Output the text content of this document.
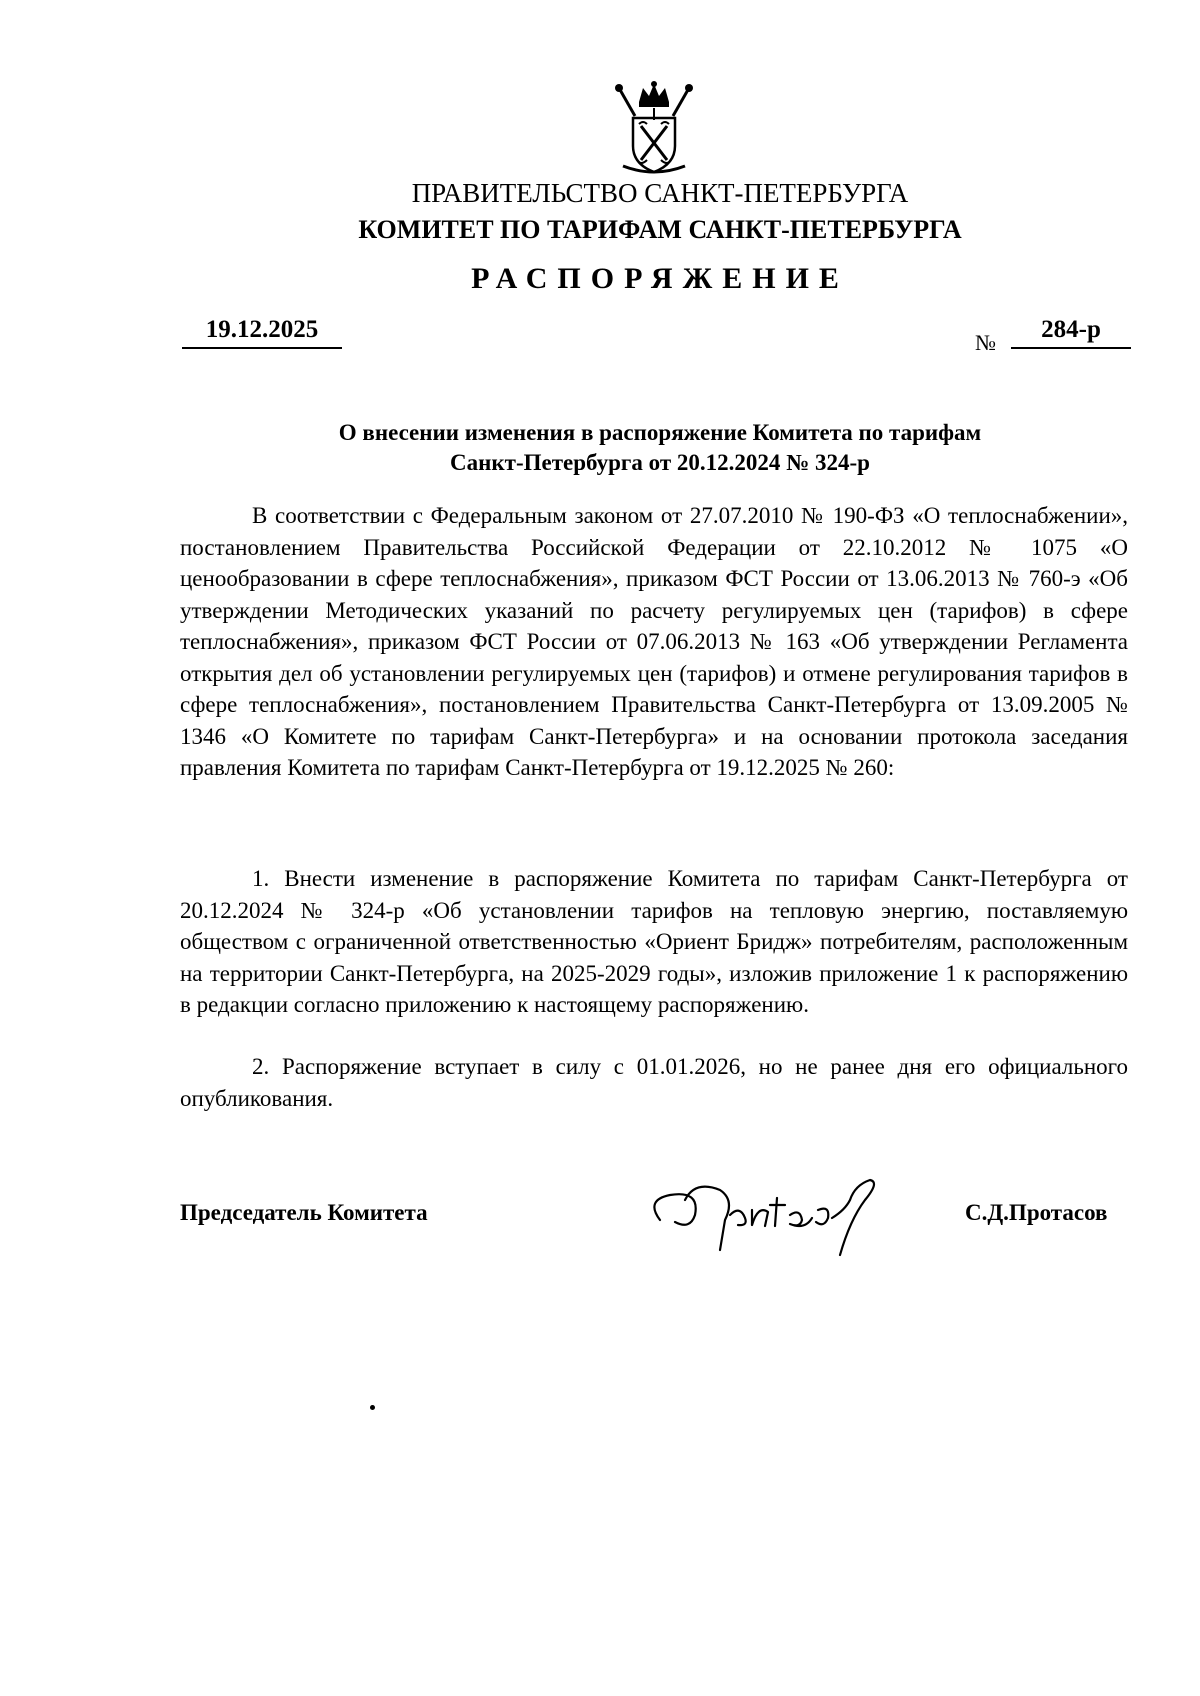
ПРАВИТЕЛЬСТВО САНКТ-ПЕТЕРБУРГА
КОМИТЕТ ПО ТАРИФАМ САНКТ-ПЕТЕРБУРГА
РАСПОРЯЖЕНИЕ
19.12.2025	№	284-р
О внесении изменения в распоряжение Комитета по тарифам
Санкт-Петербурга от 20.12.2024 № 324-р
В соответствии с Федеральным законом от 27.07.2010 № 190-ФЗ «О теплоснабжении», постановлением Правительства Российской Федерации от 22.10.2012 № 1075 «О ценообразовании в сфере теплоснабжения», приказом ФСТ России от 13.06.2013 № 760-э «Об утверждении Методических указаний по расчету регулируемых цен (тарифов) в сфере теплоснабжения», приказом ФСТ России от 07.06.2013 № 163 «Об утверждении Регламента открытия дел об установлении регулируемых цен (тарифов) и отмене регулирования тарифов в сфере теплоснабжения», постановлением Правительства Санкт-Петербурга от 13.09.2005 № 1346 «О Комитете по тарифам Санкт-Петербурга» и на основании протокола заседания правления Комитета по тарифам Санкт-Петербурга от 19.12.2025 № 260:
1. Внести изменение в распоряжение Комитета по тарифам Санкт-Петербурга от 20.12.2024 № 324-р «Об установлении тарифов на тепловую энергию, поставляемую обществом с ограниченной ответственностью «Ориент Бридж» потребителям, расположенным на территории Санкт-Петербурга, на 2025-2029 годы», изложив приложение 1 к распоряжению в редакции согласно приложению к настоящему распоряжению.
2. Распоряжение вступает в силу с 01.01.2026, но не ранее дня его официального опубликования.
Председатель Комитета	С.Д.Протасов
